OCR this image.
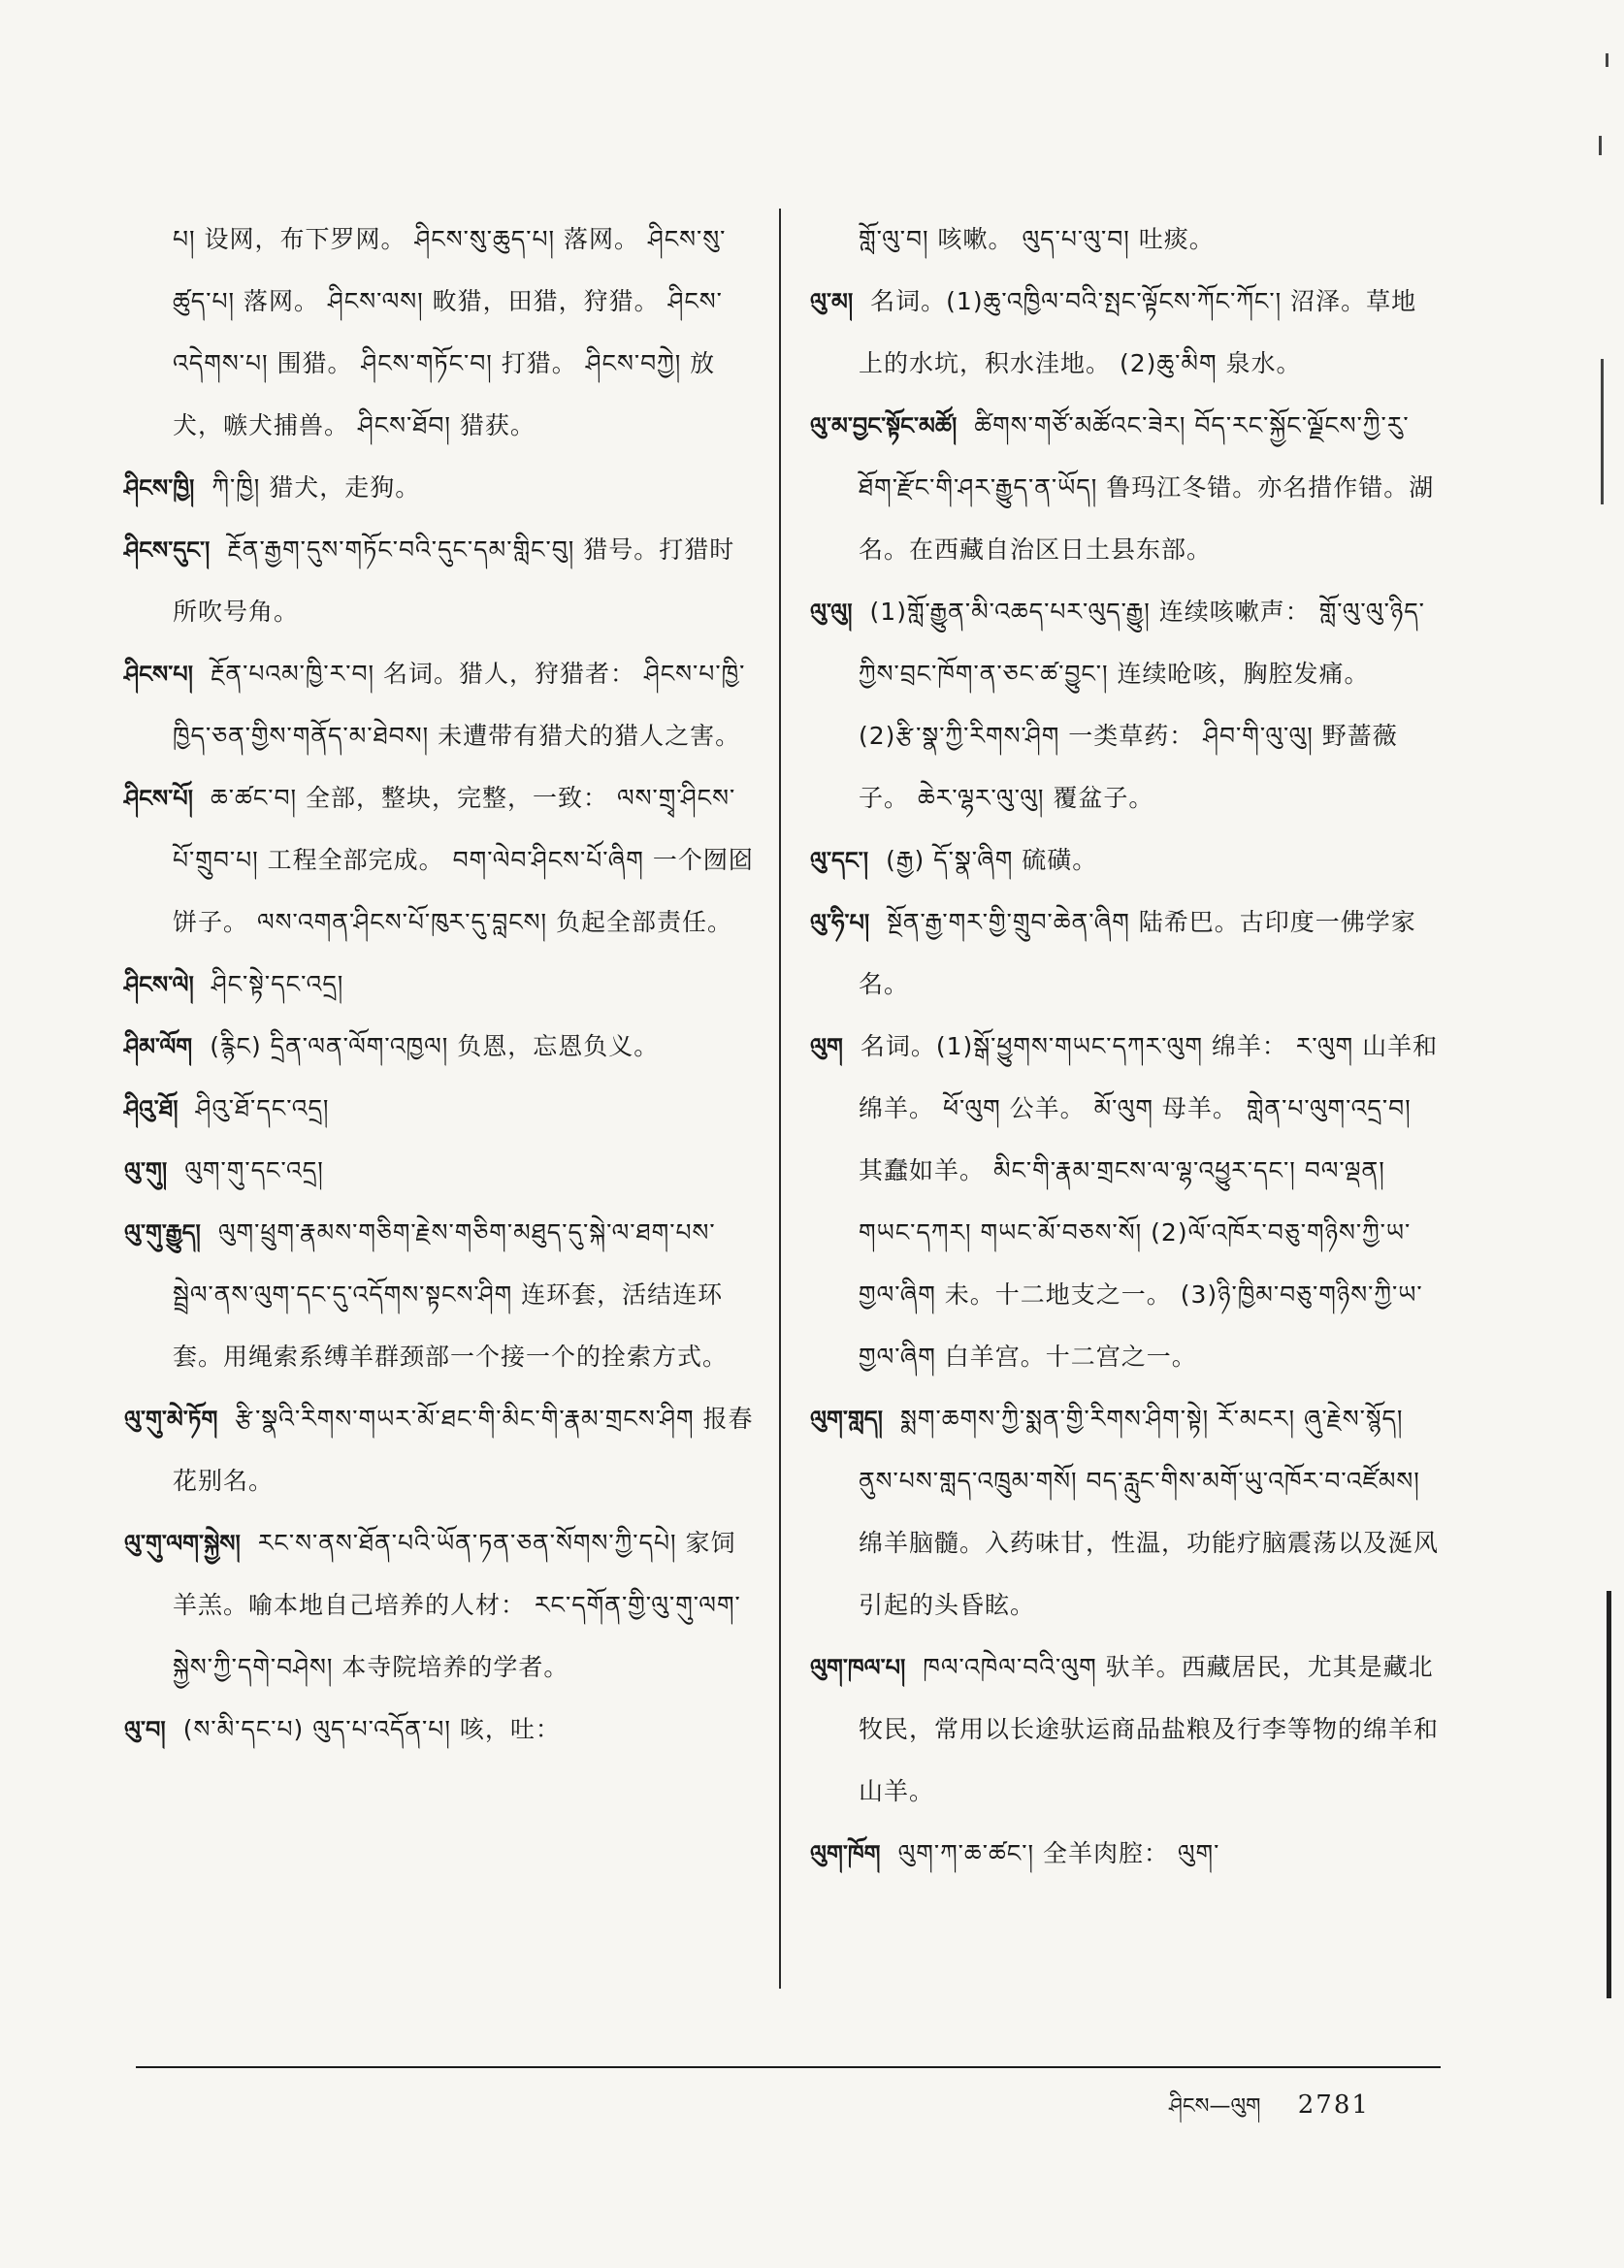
པ། 设网，布下罗网。 ཤིངས་སུ་ཆུད་པ། 落网。 ཤིངས་སུ་ཚུད་པ། 落网。 ཤིངས་ལས། 畋猎，田猎，狩猎。 ཤིངས་འདེགས་པ། 围猎。 ཤིངས་གཏོང་བ། 打猎。 ཤིངས་བཀྱེ། 放犬，嗾犬捕兽。 ཤིངས་ཐོབ། 猎获。

ཤིངས་ཁྱི། ཀི་ཁྱི། 猎犬，走狗。

ཤིངས་དུང་། རྔོན་རྒྱག་དུས་གཏོང་བའི་དུང་དམ་གླིང་བུ། 猎号。打猎时所吹号角。

ཤིངས་པ། རྔོན་པའམ་ཁྱི་ར་བ། 名词。猎人，狩猎者： ཤིངས་པ་ཁྱི་ཁྱིད་ཅན་གྱིས་གནོད་མ་ཐེབས། 未遭带有猎犬的猎人之害。

ཤིངས་པོ། ཆ་ཚང་བ། 全部，整块，完整，一致： ལས་གྲྭ་ཤིངས་པོ་གྲུབ་པ། 工程全部完成。 བག་ལེབ་ཤིངས་པོ་ཞིག 一个囫囵饼子。 ལས་འགན་ཤིངས་པོ་ཁུར་དུ་བླངས། 负起全部责任。

ཤིངས་ལེ། ཤིང་སྟེ་དང་འདྲ།

ཤིམ་ལོག (རྙིང) དྲིན་ལན་ལོག་འཁྱལ། 负恩，忘恩负义。

ཤིའུ་ཐོ། ཤིའུ་ཐོ་དང་འདྲ།

ལུ་གུ། ལུག་གུ་དང་འདྲ།

ལུ་གུ་རྒྱུད། ལུག་ཕྲུག་རྣམས་གཅིག་རྗེས་གཅིག་མཐུད་དུ་སྐེ་ལ་ཐག་པས་སྦྲེལ་ནས་ལུག་དང་དུ་འདོགས་སྟངས་ཤིག 连环套，活结连环套。用绳索系缚羊群颈部一个接一个的拴索方式。

ལུ་གུ་མེ་ཏོག རྩི་སྣའི་རིགས་གཡར་མོ་ཐང་གི་མིང་གི་རྣམ་གྲངས་ཤིག 报春花别名。

ལུ་གུ་ལག་སྐྱེས། རང་ས་ནས་ཐོན་པའི་ཡོན་ཏན་ཅན་སོགས་ཀྱི་དཔེ། 家饲羊羔。喻本地自己培养的人材： རང་དགོན་གྱི་ལུ་གུ་ལག་སྐྱེས་ཀྱི་དགེ་བཤེས། 本寺院培养的学者。

ལུ་བ། (ས་མི་དང་པ) ལུད་པ་འདོན་པ། 咳，吐：

གློ་ལུ་བ། 咳嗽。 ལུད་པ་ལུ་བ། 吐痰。

ལུ་མ། 名词。(1)ཆུ་འཁྱིལ་བའི་སྤང་ལྟོངས་ཀོང་ཀོང་། 沼泽。草地上的水坑，积水洼地。 (2)ཆུ་མིག 泉水。

ལུ་མ་བྱང་སྟོང་མཚོ། ཚིགས་གཙོ་མཚོའང་ཟེར། བོད་རང་སྐྱོང་ལྗོངས་ཀྱི་རུ་ཐོག་རྫོང་གི་ཤར་རྒྱུད་ན་ཡོད། 鲁玛江冬错。亦名措作错。湖名。在西藏自治区日土县东部。

ལུ་ལུ། (1)གློ་རྒྱུན་མི་འཆད་པར་ལུད་རྒྱུ། 连续咳嗽声： གློ་ལུ་ལུ་ཉིད་ཀྱིས་བྲང་ཁོག་ན་ཅང་ཚ་བྱུང་། 连续呛咳，胸腔发痛。 (2)རྩི་སྣ་ཀྱི་རིགས་ཤིག 一类草药： ཤིབ་གི་ལུ་ལུ། 野蔷薇子。 ཆེར་ལྷར་ལུ་ལུ། 覆盆子。

ལུ་དང་། (རྒྱ) དོ་སྣ་ཞིག 硫磺。

ལུ་ཧི་པ། སྔོན་རྒྱ་གར་གྱི་གྲུབ་ཆེན་ཞིག 陆希巴。古印度一佛学家名。

ལུག 名词。(1)སྒོ་ཕྱུགས་གཡང་དཀར་ལུག 绵羊： ར་ལུག 山羊和绵羊。 ཕོ་ལུག 公羊。 མོ་ལུག 母羊。 གླེན་པ་ལུག་འདྲ་བ། 其蠢如羊。 མིང་གི་རྣམ་གྲངས་ལ་ལྷ་འཕྱུར་དང་། བལ་ལྡན། གཡང་དཀར། གཡང་མོ་བཅས་སོ། (2)ལོ་འཁོར་བཅུ་གཉིས་ཀྱི་ཡ་གྱལ་ཞིག 未。十二地支之一。 (3)ཉི་ཁྱིམ་བཅུ་གཉིས་ཀྱི་ཡ་གྱལ་ཞིག 白羊宫。十二宫之一。

ལུག་གླད། སྨག་ཆགས་ཀྱི་སྨན་གྱི་རིགས་ཤིག་སྟེ། རོ་མངར། ཞུ་རྗེས་སྙོད། ནུས་པས་གླད་འཁྲུམ་གསོ། བད་རླུང་གིས་མགོ་ཡུ་འཁོར་བ་འཛོམས། 绵羊脑髓。入药味甘，性温，功能疗脑震荡以及涎风引起的头昏眩。

ལུག་ཁལ་པ། ཁལ་འཁེལ་བའི་ལུག 驮羊。西藏居民，尤其是藏北牧民，常用以长途驮运商品盐粮及行李等物的绵羊和山羊。

ལུག་ཁོག ལུག་ཀ་ཆ་ཚང་། 全羊肉腔： ལུག་

ཤིངས—ལུག 2781
